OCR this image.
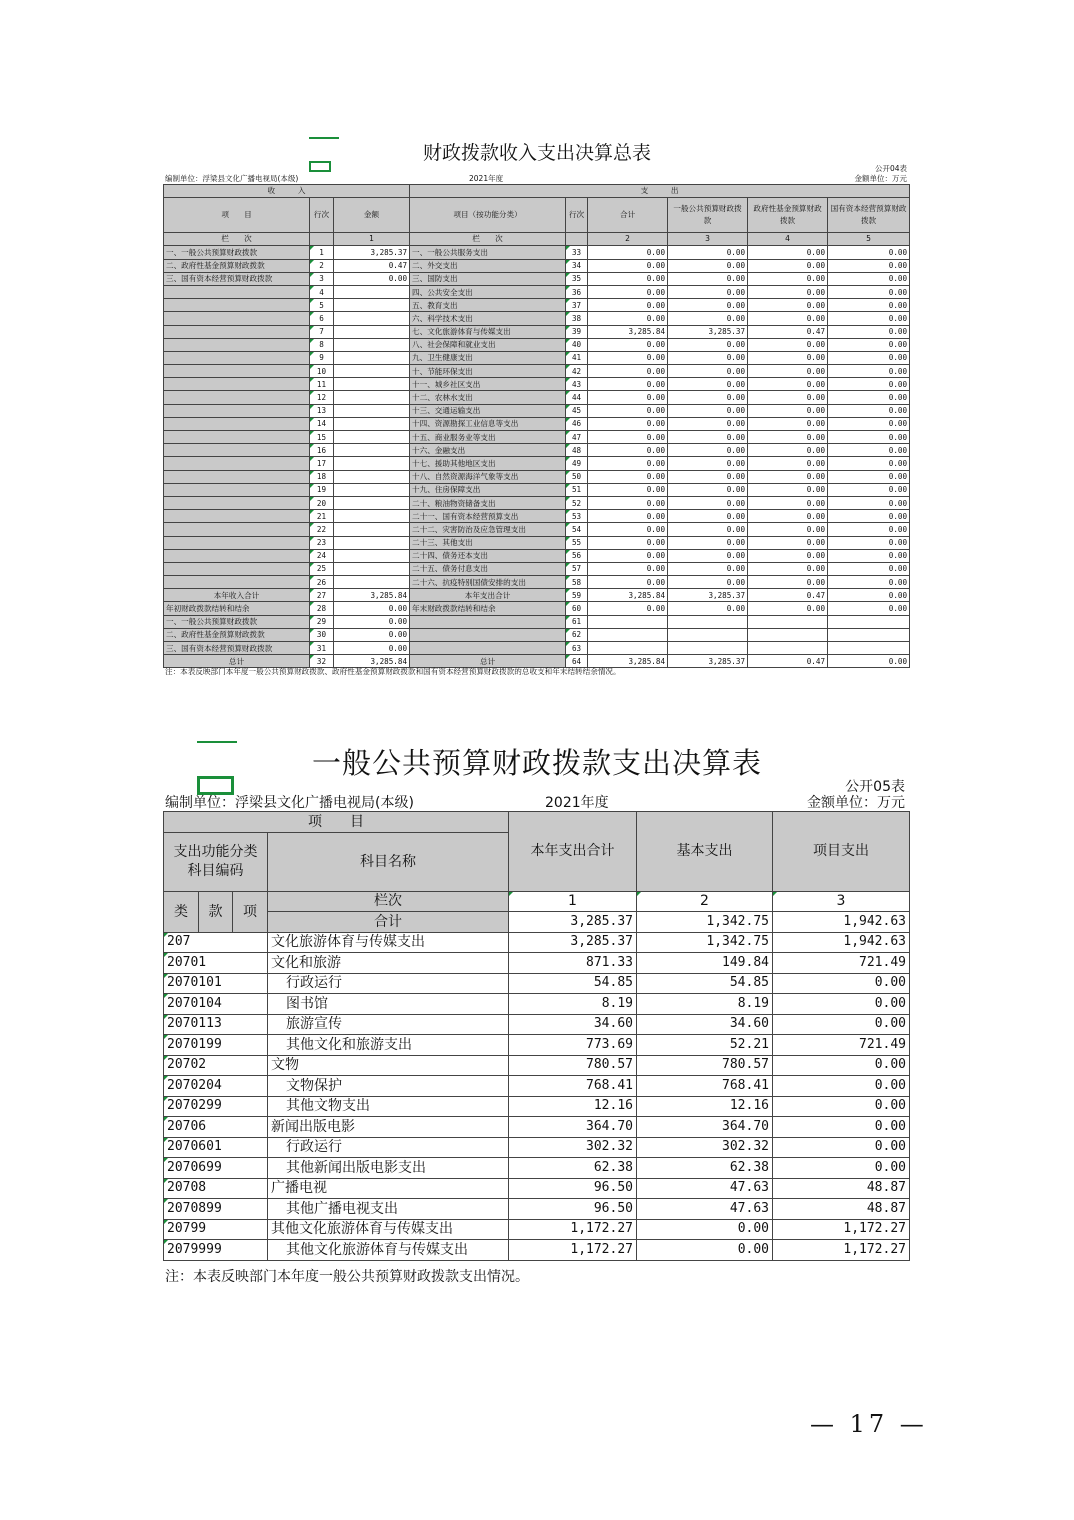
财政拨款收入支出决算总表
公开04表
编制单位：浮梁县文化广播电视局(本级)	2021年度	金额单位：万元
收　　　入			支　　　出					
项　　目	行次	金额	项目（按功能分类）	行次	合计	一般公共预算财政拨款	政府性基金预算财政拨款	国有资本经营预算财政拨款
栏　　次		1	栏　　次		2	3	4	5
一、一般公共预算财政拨款	1	3,285.37	一、一般公共服务支出	33	0.00	0.00	0.00	0.00
二、政府性基金预算财政拨款	2	0.47	二、外交支出	34	0.00	0.00	0.00	0.00
三、国有资本经营预算财政拨款	3	0.00	三、国防支出	35	0.00	0.00	0.00	0.00
	4		四、公共安全支出	36	0.00	0.00	0.00	0.00
	5		五、教育支出	37	0.00	0.00	0.00	0.00
	6		六、科学技术支出	38	0.00	0.00	0.00	0.00
	7		七、文化旅游体育与传媒支出	39	3,285.84	3,285.37	0.47	0.00
	8		八、社会保障和就业支出	40	0.00	0.00	0.00	0.00
	9		九、卫生健康支出	41	0.00	0.00	0.00	0.00
	10		十、节能环保支出	42	0.00	0.00	0.00	0.00
	11		十一、城乡社区支出	43	0.00	0.00	0.00	0.00
	12		十二、农林水支出	44	0.00	0.00	0.00	0.00
	13		十三、交通运输支出	45	0.00	0.00	0.00	0.00
	14		十四、资源勘探工业信息等支出	46	0.00	0.00	0.00	0.00
	15		十五、商业服务业等支出	47	0.00	0.00	0.00	0.00
	16		十六、金融支出	48	0.00	0.00	0.00	0.00
	17		十七、援助其他地区支出	49	0.00	0.00	0.00	0.00
	18		十八、自然资源海洋气象等支出	50	0.00	0.00	0.00	0.00
	19		十九、住房保障支出	51	0.00	0.00	0.00	0.00
	20		二十、粮油物资储备支出	52	0.00	0.00	0.00	0.00
	21		二十一、国有资本经营预算支出	53	0.00	0.00	0.00	0.00
	22		二十二、灾害防治及应急管理支出	54	0.00	0.00	0.00	0.00
	23		二十三、其他支出	55	0.00	0.00	0.00	0.00
	24		二十四、债务还本支出	56	0.00	0.00	0.00	0.00
	25		二十五、债务付息支出	57	0.00	0.00	0.00	0.00
	26		二十六、抗疫特别国债安排的支出	58	0.00	0.00	0.00	0.00
本年收入合计	27	3,285.84	本年支出合计	59	3,285.84	3,285.37	0.47	0.00
年初财政拨款结转和结余	28	0.00	年末财政拨款结转和结余	60	0.00	0.00	0.00	0.00
一、一般公共预算财政拨款	29	0.00		61				
二、政府性基金预算财政拨款	30	0.00		62				
三、国有资本经营预算财政拨款	31	0.00		63				
总计	32	3,285.84	总计	64	3,285.84	3,285.37	0.47	0.00
注：本表反映部门本年度一般公共预算财政拨款、政府性基金预算财政拨款和国有资本经营预算财政拨款的总收支和年末结转结余情况。
一般公共预算财政拨款支出决算表
公开05表
编制单位：浮梁县文化广播电视局(本级)	2021年度	金额单位：万元
项　　目				本年支出合计	基本支出	项目支出
支出功能分类科目编码			科目名称			

类	款	项	栏次	1	2	3
			合计	3,285.37	1,342.75	1,942.63
207			文化旅游体育与传媒支出	3,285.37	1,342.75	1,942.63
20701			文化和旅游	871.33	149.84	721.49
2070101			行政运行	54.85	54.85	0.00
2070104			图书馆	8.19	8.19	0.00
2070113			旅游宣传	34.60	34.60	0.00
2070199			其他文化和旅游支出	773.69	52.21	721.49
20702			文物	780.57	780.57	0.00
2070204			文物保护	768.41	768.41	0.00
2070299			其他文物支出	12.16	12.16	0.00
20706			新闻出版电影	364.70	364.70	0.00
2070601			行政运行	302.32	302.32	0.00
2070699			其他新闻出版电影支出	62.38	62.38	0.00
20708			广播电视	96.50	47.63	48.87
2070899			其他广播电视支出	96.50	47.63	48.87
20799			其他文化旅游体育与传媒支出	1,172.27	0.00	1,172.27
2079999			其他文化旅游体育与传媒支出	1,172.27	0.00	1,172.27
注：本表反映部门本年度一般公共预算财政拨款支出情况。
— 17 —
